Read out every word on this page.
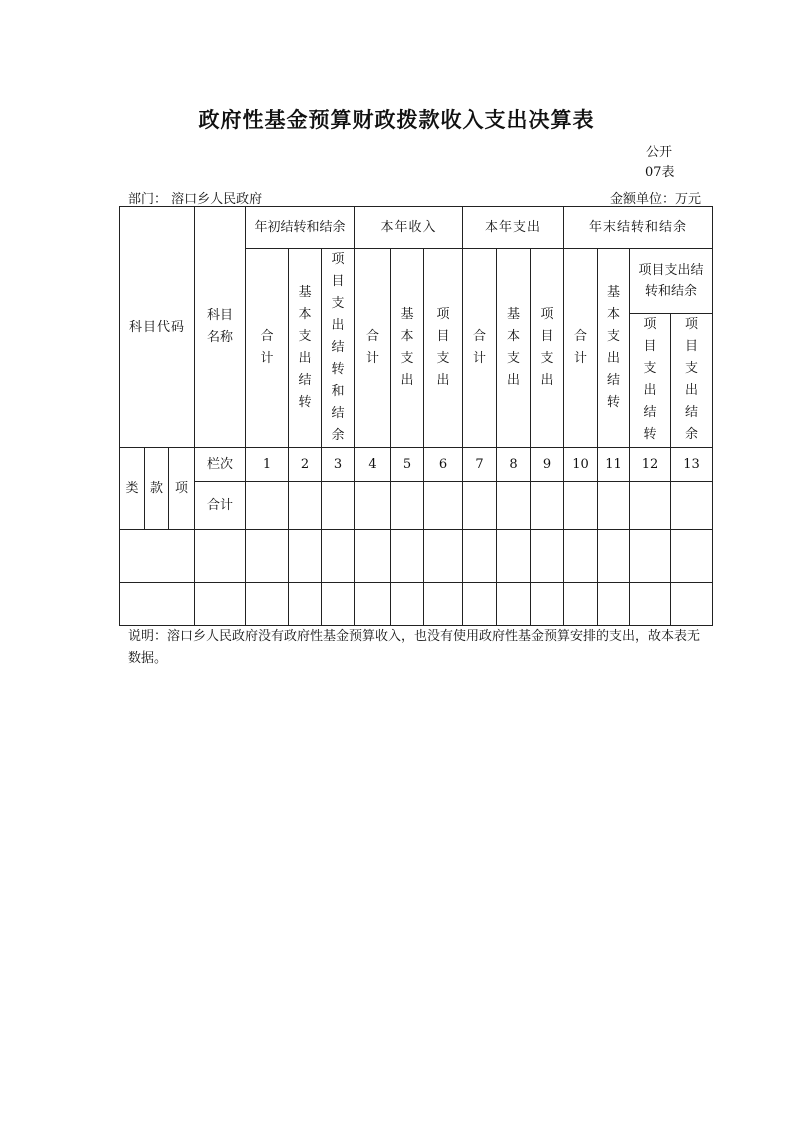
政府性基金预算财政拨款收入支出决算表
公开
07表
部门： 溶口乡人民政府	金额单位：万元
科目代码			科目名称	年初结转和结余			本年收入			本年支出			年末结转和结余			
				合计	基本支出结转	项目支出结转和结余	合计	基本支出	项目支出	合计	基本支出	项目支出	合计	基本支出结转	项目支出结转和结余	
															项目支出结转	项目支出结余
类	款	项	栏次	1	2	3	4	5	6	7	8	9	10	11	12	13
			合计													

说明：溶口乡人民政府没有政府性基金预算收入，也没有使用政府性基金预算安排的支出，故本表无数据。
